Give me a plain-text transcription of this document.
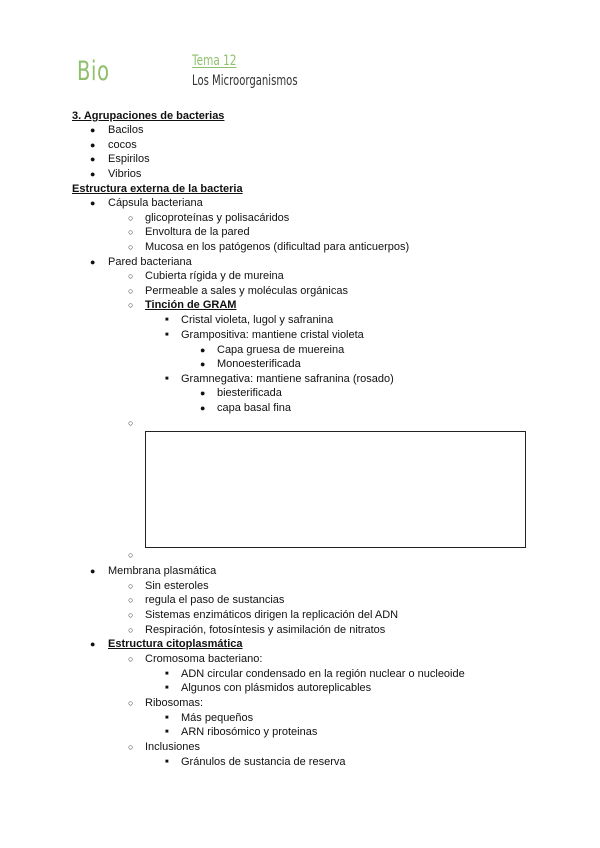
Bio	Tema 12
Los Microorganismos
3. Agrupaciones de bacterias
● Bacilos
● cocos
● Espirilos
● Vibrios
Estructura externa de la bacteria
● Cápsula bacteriana
○ glicoproteínas y polisacáridos
○ Envoltura de la pared
○ Mucosa en los patógenos (dificultad para anticuerpos)
● Pared bacteriana
○ Cubierta rígida y de mureina
○ Permeable a sales y moléculas orgánicas
○ Tinción de GRAM
■ Cristal violeta, lugol y safranina
■ Grampositiva: mantiene cristal violeta
● Capa gruesa de muereina
● Monoesterificada
■ Gramnegativa: mantiene safranina (rosado)
● biesterificada
● capa basal fina
○
○
● Membrana plasmática
○ Sin esteroles
○ regula el paso de sustancias
○ Sistemas enzimáticos dirigen la replicación del ADN
○ Respiración, fotosíntesis y asimilación de nitratos
● Estructura citoplasmática
○ Cromosoma bacteriano:
■ ADN circular condensado en la región nuclear o nucleoide
■ Algunos con plásmidos autoreplicables
○ Ribosomas:
■ Más pequeños
■ ARN ribosómico y proteinas
○ Inclusiones
■ Gránulos de sustancia de reserva
